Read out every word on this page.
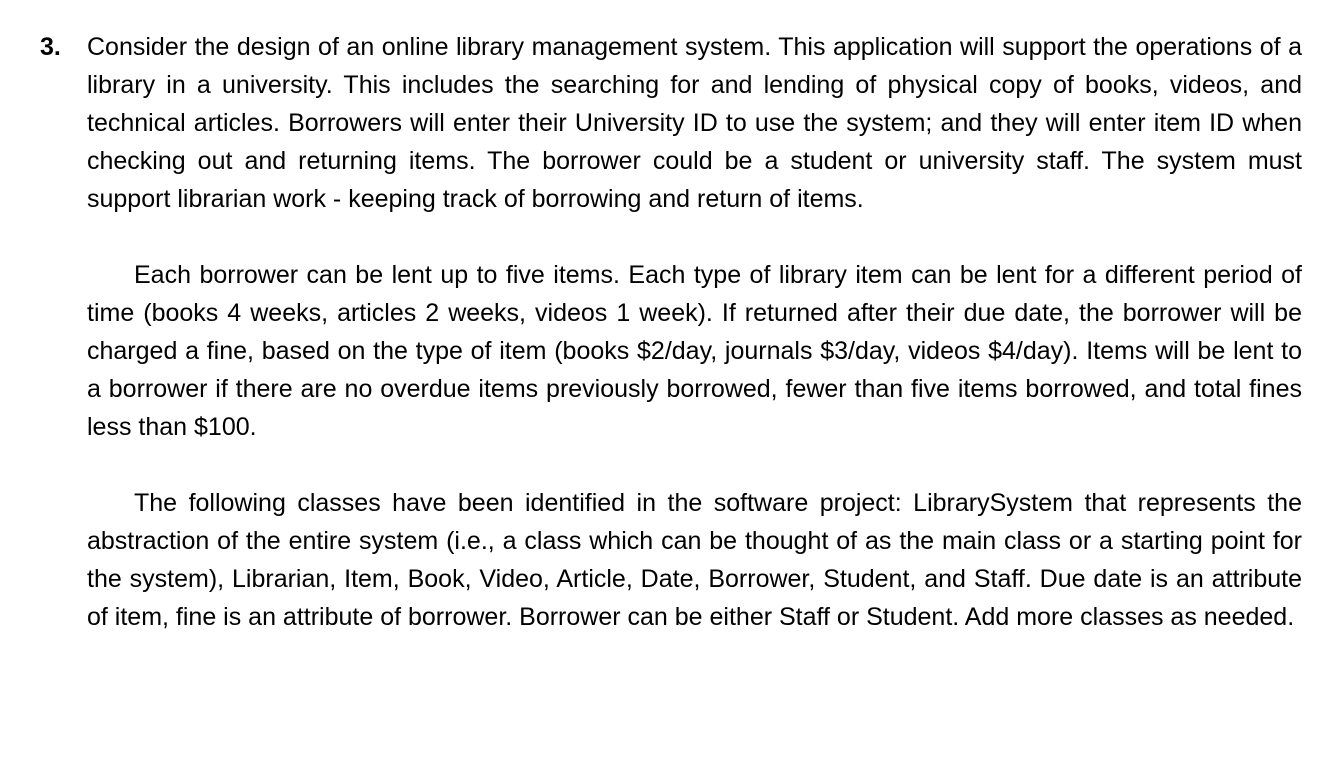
3. Consider the design of an online library management system. This application will support the operations of a library in a university. This includes the searching for and lending of physical copy of books, videos, and technical articles. Borrowers will enter their University ID to use the system; and they will enter item ID when checking out and returning items. The borrower could be a student or university staff. The system must support librarian work - keeping track of borrowing and return of items.

Each borrower can be lent up to five items. Each type of library item can be lent for a different period of time (books 4 weeks, articles 2 weeks, videos 1 week). If returned after their due date, the borrower will be charged a fine, based on the type of item (books $2/day, journals $3/day, videos $4/day). Items will be lent to a borrower if there are no overdue items previously borrowed, fewer than five items borrowed, and total fines less than $100.

The following classes have been identified in the software project: LibrarySystem that represents the abstraction of the entire system (i.e., a class which can be thought of as the main class or a starting point for the system), Librarian, Item, Book, Video, Article, Date, Borrower, Student, and Staff. Due date is an attribute of item, fine is an attribute of borrower. Borrower can be either Staff or Student. Add more classes as needed.
